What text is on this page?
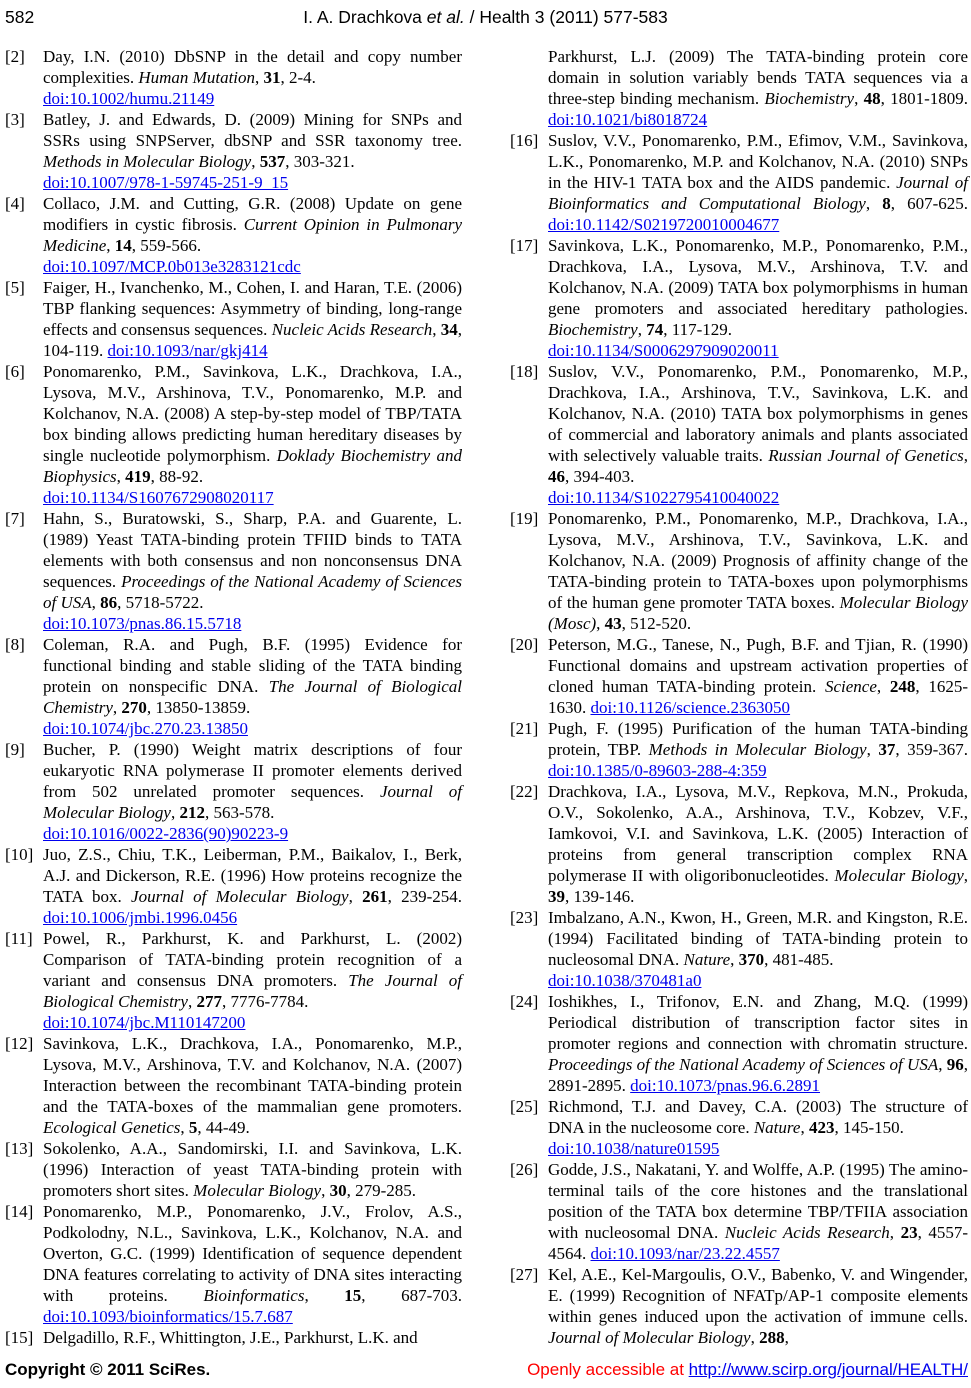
582	I. A. Drachkova et al. / Health 3 (2011) 577-583
[2]	Day, I.N. (2010) DbSNP in the detail and copy number complexities. Human Mutation, 31, 2-4.
doi:10.1002/humu.21149
[3]	Batley, J. and Edwards, D. (2009) Mining for SNPs and SSRs using SNPServer, dbSNP and SSR taxonomy tree. Methods in Molecular Biology, 537, 303-321.
doi:10.1007/978-1-59745-251-9_15
[4]	Collaco, J.M. and Cutting, G.R. (2008) Update on gene modifiers in cystic fibrosis. Current Opinion in Pulmonary Medicine, 14, 559-566.
doi:10.1097/MCP.0b013e3283121cdc
[5]	Faiger, H., Ivanchenko, M., Cohen, I. and Haran, T.E. (2006) TBP flanking sequences: Asymmetry of binding, long-range effects and consensus sequences. Nucleic Acids Research, 34, 104-119. doi:10.1093/nar/gkj414
[6]	Ponomarenko, P.M., Savinkova, L.K., Drachkova, I.A., Lysova, M.V., Arshinova, T.V., Ponomarenko, M.P. and Kolchanov, N.A. (2008) A step-by-step model of TBP/TATA box binding allows predicting human hereditary diseases by single nucleotide polymorphism. Doklady Biochemistry and Biophysics, 419, 88-92.
doi:10.1134/S1607672908020117
[7]	Hahn, S., Buratowski, S., Sharp, P.A. and Guarente, L. (1989) Yeast TATA-binding protein TFIID binds to TATA elements with both consensus and non nonconsensus DNA sequences. Proceedings of the National Academy of Sciences of USA, 86, 5718-5722.
doi:10.1073/pnas.86.15.5718
[8]	Coleman, R.A. and Pugh, B.F. (1995) Evidence for functional binding and stable sliding of the TATA binding protein on nonspecific DNA. The Journal of Biological Chemistry, 270, 13850-13859.
doi:10.1074/jbc.270.23.13850
[9]	Bucher, P. (1990) Weight matrix descriptions of four eukaryotic RNA polymerase II promoter elements derived from 502 unrelated promoter sequences. Journal of Molecular Biology, 212, 563-578.
doi:10.1016/0022-2836(90)90223-9
[10] Juo, Z.S., Chiu, T.K., Leiberman, P.M., Baikalov, I., Berk, A.J. and Dickerson, R.E. (1996) How proteins recognize the TATA box. Journal of Molecular Biology, 261, 239-254. doi:10.1006/jmbi.1996.0456
[11] Powel, R., Parkhurst, K. and Parkhurst, L. (2002) Comparison of TATA-binding protein recognition of a variant and consensus DNA promoters. The Journal of Biological Chemistry, 277, 7776-7784.
doi:10.1074/jbc.M110147200
[12] Savinkova, L.K., Drachkova, I.A., Ponomarenko, M.P., Lysova, M.V., Arshinova, T.V. and Kolchanov, N.A. (2007) Interaction between the recombinant TATA-binding protein and the TATA-boxes of the mammalian gene promoters. Ecological Genetics, 5, 44-49.
[13] Sokolenko, A.A., Sandomirski, I.I. and Savinkova, L.K. (1996) Interaction of yeast TATA-binding protein with promoters short sites. Molecular Biology, 30, 279-285.
[14] Ponomarenko, M.P., Ponomarenko, J.V., Frolov, A.S., Podkolodny, N.L., Savinkova, L.K., Kolchanov, N.A. and Overton, G.C. (1999) Identification of sequence dependent DNA features correlating to activity of DNA sites interacting with proteins. Bioinformatics, 15, 687-703. doi:10.1093/bioinformatics/15.7.687
[15] Delgadillo, R.F., Whittington, J.E., Parkhurst, L.K. and
Parkhurst, L.J. (2009) The TATA-binding protein core domain in solution variably bends TATA sequences via a three-step binding mechanism. Biochemistry, 48, 1801-1809. doi:10.1021/bi8018724
[16] Suslov, V.V., Ponomarenko, P.M., Efimov, V.M., Savinkova, L.K., Ponomarenko, M.P. and Kolchanov, N.A. (2010) SNPs in the HIV-1 TATA box and the AIDS pandemic. Journal of Bioinformatics and Computational Biology, 8, 607-625. doi:10.1142/S0219720010004677
[17] Savinkova, L.K., Ponomarenko, M.P., Ponomarenko, P.M., Drachkova, I.A., Lysova, M.V., Arshinova, T.V. and Kolchanov, N.A. (2009) TATA box polymorphisms in human gene promoters and associated hereditary pathologies. Biochemistry, 74, 117-129.
doi:10.1134/S0006297909020011
[18] Suslov, V.V., Ponomarenko, P.M., Ponomarenko, M.P., Drachkova, I.A., Arshinova, T.V., Savinkova, L.K. and Kolchanov, N.A. (2010) TATA box polymorphisms in genes of commercial and laboratory animals and plants associated with selectively valuable traits. Russian Journal of Genetics, 46, 394-403.
doi:10.1134/S1022795410040022
[19] Ponomarenko, P.M., Ponomarenko, M.P., Drachkova, I.A., Lysova, M.V., Arshinova, T.V., Savinkova, L.K. and Kolchanov, N.A. (2009) Prognosis of affinity change of the TATA-binding protein to TATA-boxes upon polymorphisms of the human gene promoter TATA boxes. Molecular Biology (Mosc), 43, 512-520.
[20] Peterson, M.G., Tanese, N., Pugh, B.F. and Tjian, R. (1990) Functional domains and upstream activation properties of cloned human TATA-binding protein. Science, 248, 1625-1630. doi:10.1126/science.2363050
[21] Pugh, F. (1995) Purification of the human TATA-binding protein, TBP. Methods in Molecular Biology, 37, 359-367. doi:10.1385/0-89603-288-4:359
[22] Drachkova, I.A., Lysova, M.V., Repkova, M.N., Prokuda, O.V., Sokolenko, A.A., Arshinova, T.V., Kobzev, V.F., Iamkovoi, V.I. and Savinkova, L.K. (2005) Interaction of proteins from general transcription complex RNA polymerase II with oligoribonucleotides. Molecular Biology, 39, 139-146.
[23] Imbalzano, A.N., Kwon, H., Green, M.R. and Kingston, R.E. (1994) Facilitated binding of TATA-binding protein to nucleosomal DNA. Nature, 370, 481-485.
doi:10.1038/370481a0
[24] Ioshikhes, I., Trifonov, E.N. and Zhang, M.Q. (1999) Periodical distribution of transcription factor sites in promoter regions and connection with chromatin structure. Proceedings of the National Academy of Sciences of USA, 96, 2891-2895. doi:10.1073/pnas.96.6.2891
[25] Richmond, T.J. and Davey, C.A. (2003) The structure of DNA in the nucleosome core. Nature, 423, 145-150.
doi:10.1038/nature01595
[26] Godde, J.S., Nakatani, Y. and Wolffe, A.P. (1995) The amino-terminal tails of the core histones and the translational position of the TATA box determine TBP/TFIIA association with nucleosomal DNA. Nucleic Acids Research, 23, 4557-4564. doi:10.1093/nar/23.22.4557
[27] Kel, A.E., Kel-Margoulis, O.V., Babenko, V. and Wingender, E. (1999) Recognition of NFATp/AP-1 composite elements within genes induced upon the activation of immune cells. Journal of Molecular Biology, 288,
Copyright © 2011 SciRes.	Openly accessible at http://www.scirp.org/journal/HEALTH/
